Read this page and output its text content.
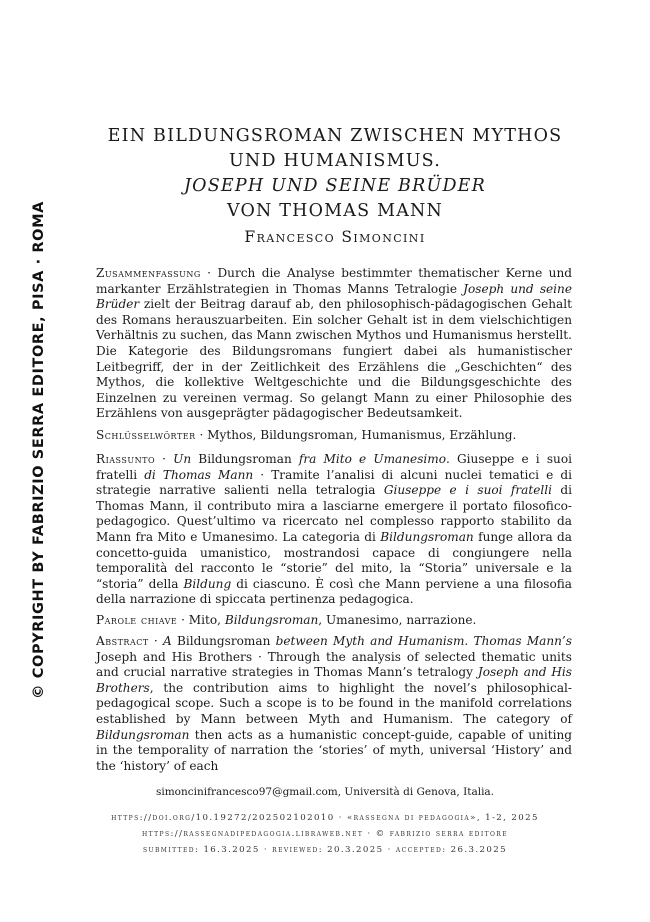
© COPYRIGHT BY FABRIZIO SERRA EDITORE, PISA · ROMA
EIN BILDUNGSROMAN ZWISCHEN MYTHOS
UND HUMANISMUS.
JOSEPH UND SEINE BRÜDER
VON THOMAS MANN
Francesco Simoncini

Zusammenfassung · Durch die Analyse bestimmter thematischer Kerne und markanter Erzählstrategien in Thomas Manns Tetralogie Joseph und seine Brüder zielt der Beitrag darauf ab, den philosophisch-pädagogischen Gehalt des Romans herauszuarbeiten. Ein solcher Gehalt ist in dem vielschichtigen Verhältnis zu suchen, das Mann zwischen Mythos und Humanismus herstellt. Die Kategorie des Bildungsromans fungiert dabei als humanistischer Leitbegriff, der in der Zeitlichkeit des Erzählens die „Geschichten“ des Mythos, die kollektive Weltgeschichte und die Bildungsgeschichte des Einzelnen zu vereinen vermag. So gelangt Mann zu einer Philosophie des Erzählens von ausgeprägter pädagogischer Bedeutsamkeit.

Schlüsselwörter · Mythos, Bildungsroman, Humanismus, Erzählung.

Riassunto · Un Bildungsroman fra Mito e Umanesimo. Giuseppe e i suoi fratelli di Thomas Mann · Tramite l’analisi di alcuni nuclei tematici e di strategie narrative salienti nella tetralogia Giuseppe e i suoi fratelli di Thomas Mann, il contributo mira a lasciarne emergere il portato filosofico-pedagogico. Quest’ultimo va ricercato nel complesso rapporto stabilito da Mann fra Mito e Umanesimo. La categoria di Bildungsroman funge allora da concetto-guida umanistico, mostrandosi capace di congiungere nella temporalità del racconto le “storie” del mito, la “Storia” universale e la “storia” della Bildung di ciascuno. È così che Mann perviene a una filosofia della narrazione di spiccata pertinenza pedagogica.

Parole chiave · Mito, Bildungsroman, Umanesimo, narrazione.

Abstract · A Bildungsroman between Myth and Humanism. Thomas Mann’s Joseph and His Brothers · Through the analysis of selected thematic units and crucial narrative strategies in Thomas Mann’s tetralogy Joseph and His Brothers, the contribution aims to highlight the novel’s philosophical-pedagogical scope. Such a scope is to be found in the manifold correlations established by Mann between Myth and Humanism. The category of Bildungsroman then acts as a humanistic concept-guide, capable of uniting in the temporality of narration the ‘stories’ of myth, universal ‘History’ and the ‘history’ of each

simoncinifrancesco97@gmail.com, Università di Genova, Italia.
https://doi.org/10.19272/202502102010 · «rassegna di pedagogia», 1-2, 2025
https://rassegnadipedagogia.libraweb.net · © fabrizio serra editore
submitted: 16.3.2025 · reviewed: 20.3.2025 · accepted: 26.3.2025
